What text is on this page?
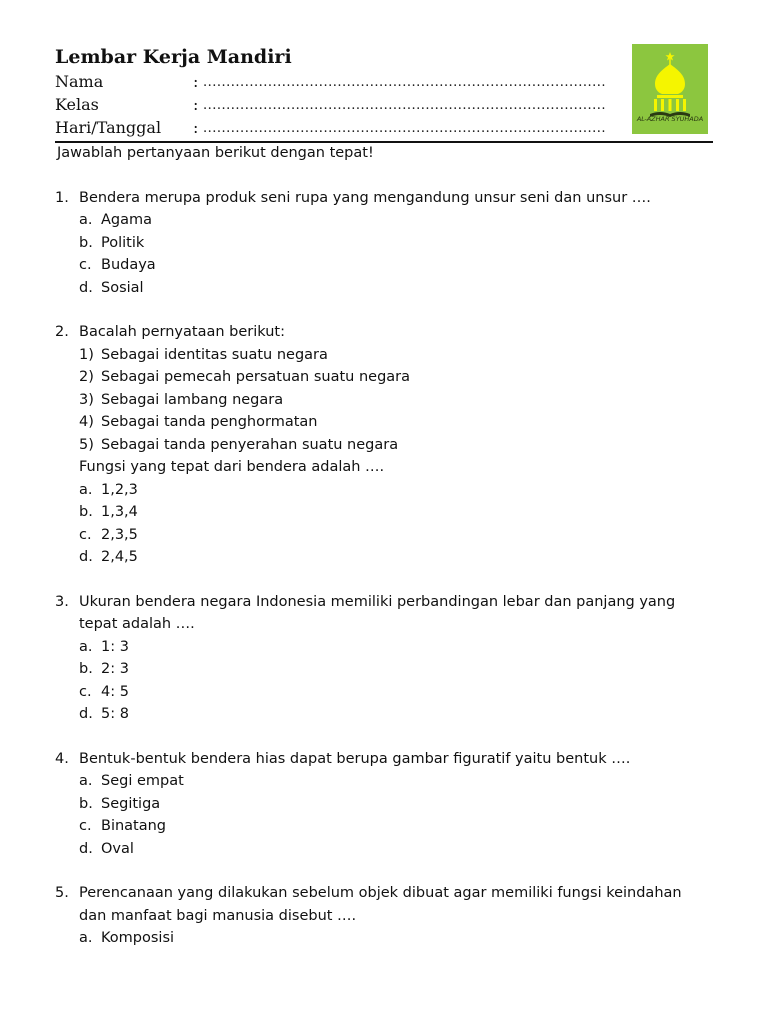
Lembar Kerja Mandiri
Nama	: .......................................................................................
Kelas	: .......................................................................................
Hari/Tanggal	: .......................................................................................
AL-AZHAR SYUHADA
Jawablah pertanyaan berikut dengan tepat!
1. Bendera merupa produk seni rupa yang mengandung unsur seni dan unsur ….
a. Agama
b. Politik
c. Budaya
d. Sosial
2. Bacalah pernyataan berikut:
1) Sebagai identitas suatu negara
2) Sebagai pemecah persatuan suatu negara
3) Sebagai lambang negara
4) Sebagai tanda penghormatan
5) Sebagai tanda penyerahan suatu negara
Fungsi yang tepat dari bendera adalah ….
a. 1,2,3
b. 1,3,4
c. 2,3,5
d. 2,4,5
3. Ukuran bendera negara Indonesia memiliki perbandingan lebar dan panjang yang
tepat adalah ….
a. 1: 3
b. 2: 3
c. 4: 5
d. 5: 8
4. Bentuk-bentuk bendera hias dapat berupa gambar figuratif yaitu bentuk ….
a. Segi empat
b. Segitiga
c. Binatang
d. Oval
5. Perencanaan yang dilakukan sebelum objek dibuat agar memiliki fungsi keindahan
dan manfaat bagi manusia disebut ….
a. Komposisi
